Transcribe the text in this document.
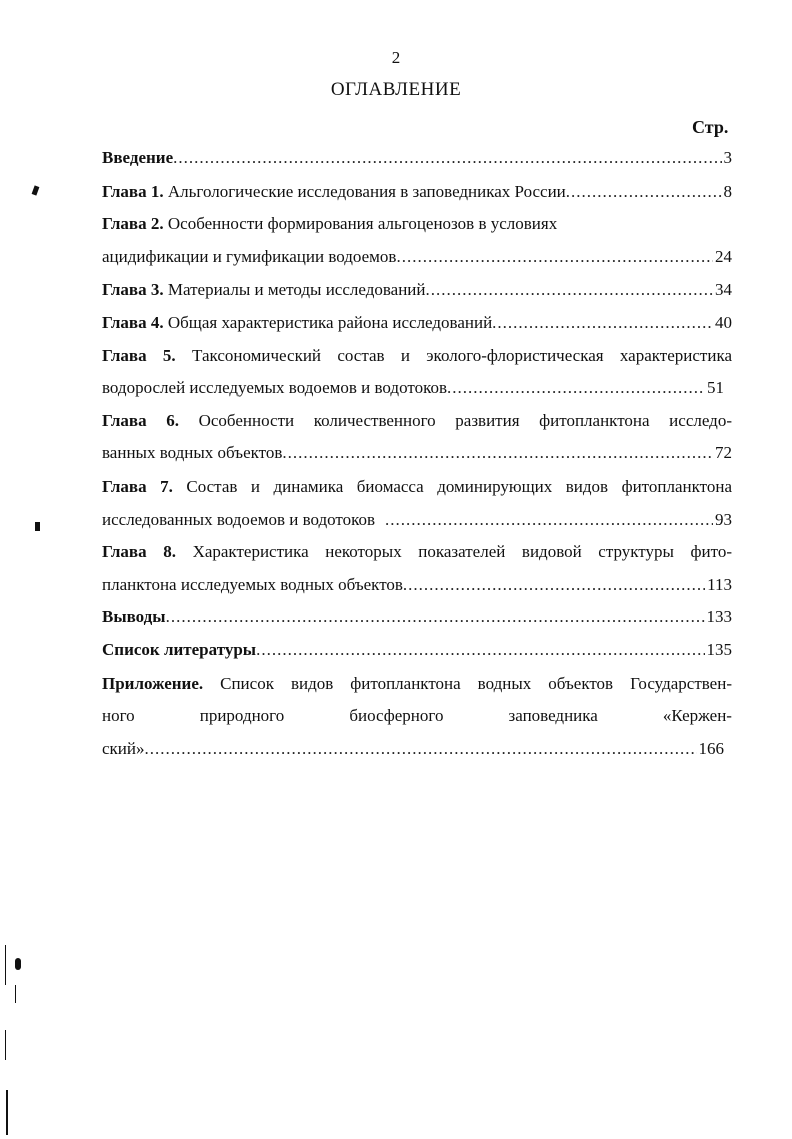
2
ОГЛАВЛЕНИЕ
Стр.
Введение .....	3
Глава 1. Альгологические исследования в заповедниках России .....	8
Глава 2. Особенности формирования альгоценозов в условиях
ацидификации и гумификации водоемов .....	24
Глава 3. Материалы и методы исследований .....	34
Глава 4. Общая характеристика района исследований .....	40
Глава 5. Таксономический состав и эколого-флористическая характеристика
водорослей исследуемых водоемов и водотоков .....	51
Глава 6. Особенности количественного развития фитопланктона исследо-
ванных водных объектов .....	72
Глава 7. Состав и динамика биомасса доминирующих видов фитопланктона
исследованных водоемов и водотоков .....	93
Глава 8. Характеристика некоторых показателей видовой структуры фито-
планктона исследуемых водных объектов .....	113
Выводы .....	133
Список литературы .....	135
Приложение. Список видов фитопланктона водных объектов Государствен-
ного	природного	биосферного	заповедника	«Кержен-
ский» .....	166
